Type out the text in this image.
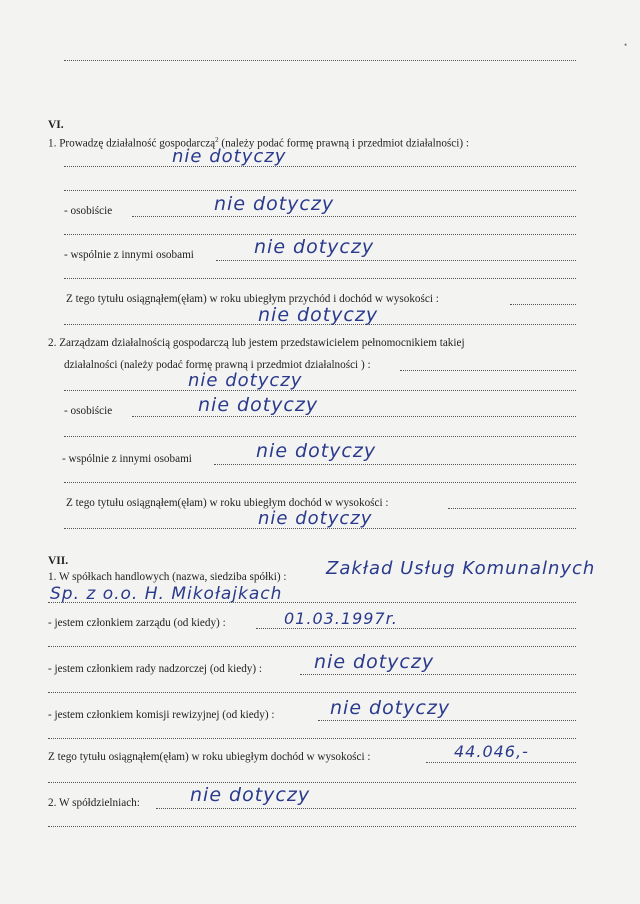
•
VI.
1. Prowadzę działalność gospodarczą$^2$ (należy podać formę prawną i przedmiot działalności) :
nie dotyczy
- osobiście	nie dotyczy
- wspólnie z innymi osobami	nie dotyczy
Z tego tytułu osiągnąłem(ęłam) w roku ubiegłym przychód i dochód w wysokości :
nie dotyczy
2. Zarządzam działalnością gospodarczą lub jestem przedstawicielem pełnomocnikiem takiej
działalności (należy podać formę prawną i przedmiot działalności ) :
nie dotyczy
- osobiście	nie dotyczy
- wspólnie z innymi osobami	nie dotyczy
Z tego tytułu osiągnąłem(ęłam) w roku ubiegłym dochód w wysokości :
nie dotyczy
VII.
1. W spółkach handlowych (nazwa, siedziba spółki) : Zakład Usług Komunalnych
Sp. z o.o. H. Mikołajkach
- jestem członkiem zarządu (od kiedy) :	01.03.1997r.
- jestem członkiem rady nadzorczej (od kiedy) :	nie dotyczy
- jestem członkiem komisji rewizyjnej (od kiedy) :	nie dotyczy
Z tego tytułu osiągnąłem(ęłam) w roku ubiegłym dochód w wysokości :	44.046,-
2. W spółdzielniach:	nie dotyczy
